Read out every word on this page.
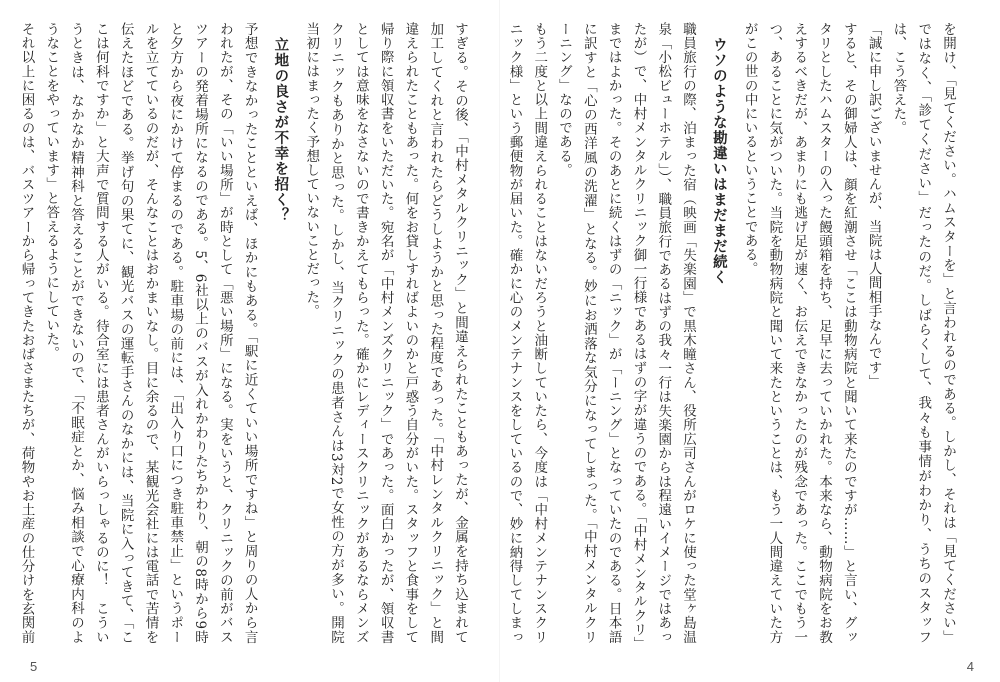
すぎる。その後、「中村メタルクリニック」と間違えられたこともあったが、金属を持ち込まれて加工してくれと言われたらどうしようかと思った程度であった。「中村レンタルクリニック」と間違えられたこともあった。何をお貸しすればよいのかと戸惑う自分がいた。スタッフと食事をして帰り際に領収書をいただいた。宛名が「中村メンズクリニック」であった。面白かったが、領収書としては意味をなさないので書きかえてもらった。確かにレディースクリニックがあるならメンズクリニックもありかと思った。しかし、当クリニックの患者さんは3対2で女性の方が多い。開院当初にはまったく予想していないことだった。
立地の良さが不幸を招く？
予想できなかったことといえば、ほかにもある。「駅に近くていい場所ですね」と周りの人から言われたが、その「いい場所」が時として「悪い場所」になる。実をいうと、クリニックの前がバスツアーの発着場所になるのである。5、6社以上のバスが入れかわりたちかわり、朝の8時から9時と夕方から夜にかけて停まるのである。駐車場の前には、「出入り口につき駐車禁止」というポールを立てているのだが、そんなことはおかまいなし。目に余るので、某観光会社には電話で苦情を伝えたほどである。挙げ句の果てに、観光バスの運転手さんのなかには、当院に入ってきて、「ここは何科ですか」と大声で質問する人がいる。待合室には患者さんがいらっしゃるのに！　こういうときは、なかなか精神科と答えることができないので、「不眠症とか、悩み相談で心療内科のようなことをやっています」と答えるようにしていた。
それ以上に困るのは、バスツアーから帰ってきたおばさまたちが、荷物やお土産の仕分けを玄関前　
5
を開け、「見てください。ハムスターを」と言われるのである。しかし、それは「見てください」ではなく、「診てください」だったのだ。しばらくして、我々も事情がわかり、うちのスタッフは、こう答えた。
「誠に申し訳ございませんが、当院は人間相手なんです」
すると、その御婦人は、顔を紅潮させ「ここは動物病院と聞いて来たのですが……」と言い、グッタリとしたハムスターの入った饅頭箱を持ち、足早に去っていかれた。本来なら、動物病院をお教えするべきだが、あまりにも逃げ足が速く、お伝えできなかったのが残念であった。ここでもう一つ、あることに気がついた。当院を動物病院と聞いて来たということは、もう一人間違えていた方がこの世の中にいるということである。
ウソのような勘違いはまだまだ続く
職員旅行の際、泊まった宿（映画「失楽園」で黒木瞳さん、役所広司さんがロケに使った堂ヶ島温泉「小松ビューホテル」）、職員旅行であるはずの我々一行は失楽園からは程遠いイメージではあったが）で、中村メンタルクリニック御一行様であるはずの字が違うのである。「中村メンタルクリ」まではよかった。そのあとに続くはずの「ニック」が「ーニング」となっていたのである。日本語に訳すと「心の西洋風の洗濯」となる。妙にお洒落な気分になってしまった。「中村メンタルクリーニング」なのである。
もう二度と以上間違えられることはないだろうと油断していたら、今度は「中村メンテナンスクリニック様」という郵便物が届いた。確かに心のメンテナンスをしているので、妙に納得してしまっ
4
